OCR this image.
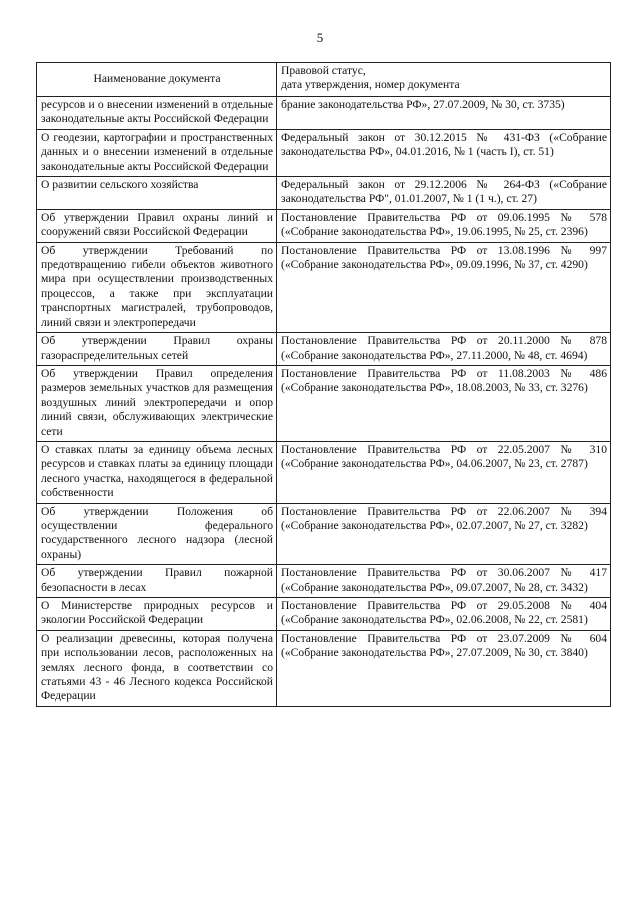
5
Наименование документа	Правовой статус,
дата утверждения, номер документа

ресурсов и о внесении изменений в отдельные законодательные акты Российской Федерации	брание законодательства РФ», 27.07.2009, № 30, ст. 3735)
О геодезии, картографии и пространственных данных и о внесении изменений в отдельные законодательные акты Российской Федерации	Федеральный закон от 30.12.2015 № 431-ФЗ («Собрание законодательства РФ», 04.01.2016, № 1 (часть I), ст. 51)
О развитии сельского хозяйства	Федеральный закон от 29.12.2006 № 264-ФЗ («Собрание законодательства РФ", 01.01.2007, № 1 (1 ч.), ст. 27)
Об утверждении Правил охраны линий и сооружений связи Российской Федерации	Постановление Правительства РФ от 09.06.1995 № 578 («Собрание законодательства РФ», 19.06.1995, № 25, ст. 2396)
Об утверждении Требований по предотвращению гибели объектов животного мира при осуществлении производственных процессов, а также при эксплуатации транспортных магистралей, трубопроводов, линий связи и электропередачи	Постановление Правительства РФ от 13.08.1996 № 997 («Собрание законодательства РФ», 09.09.1996, № 37, ст. 4290)
Об утверждении Правил охраны газораспределительных сетей	Постановление Правительства РФ от 20.11.2000 № 878 («Собрание законодательства РФ», 27.11.2000, № 48, ст. 4694)
Об утверждении Правил определения размеров земельных участков для размещения воздушных линий электропередачи и опор линий связи, обслуживающих электрические сети	Постановление Правительства РФ от 11.08.2003 № 486 («Собрание законодательства РФ», 18.08.2003, № 33, ст. 3276)
О ставках платы за единицу объема лесных ресурсов и ставках платы за единицу площади лесного участка, находящегося в федеральной собственности	Постановление Правительства РФ от 22.05.2007 № 310 («Собрание законодательства РФ», 04.06.2007, № 23, ст. 2787)
Об утверждении Положения об осуществлении федерального государственного лесного надзора (лесной охраны)	Постановление Правительства РФ от 22.06.2007 № 394 («Собрание законодательства РФ», 02.07.2007, № 27, ст. 3282)
Об утверждении Правил пожарной безопасности в лесах	Постановление Правительства РФ от 30.06.2007 № 417 («Собрание законодательства РФ», 09.07.2007, № 28, ст. 3432)
О Министерстве природных ресурсов и экологии Российской Федерации	Постановление Правительства РФ от 29.05.2008 № 404 («Собрание законодательства РФ», 02.06.2008, № 22, ст. 2581)
О реализации древесины, которая получена при использовании лесов, расположенных на землях лесного фонда, в соответствии со статьями 43 - 46 Лесного кодекса Российской Федерации	Постановление Правительства РФ от 23.07.2009 № 604 («Собрание законодательства РФ», 27.07.2009, № 30, ст. 3840)
